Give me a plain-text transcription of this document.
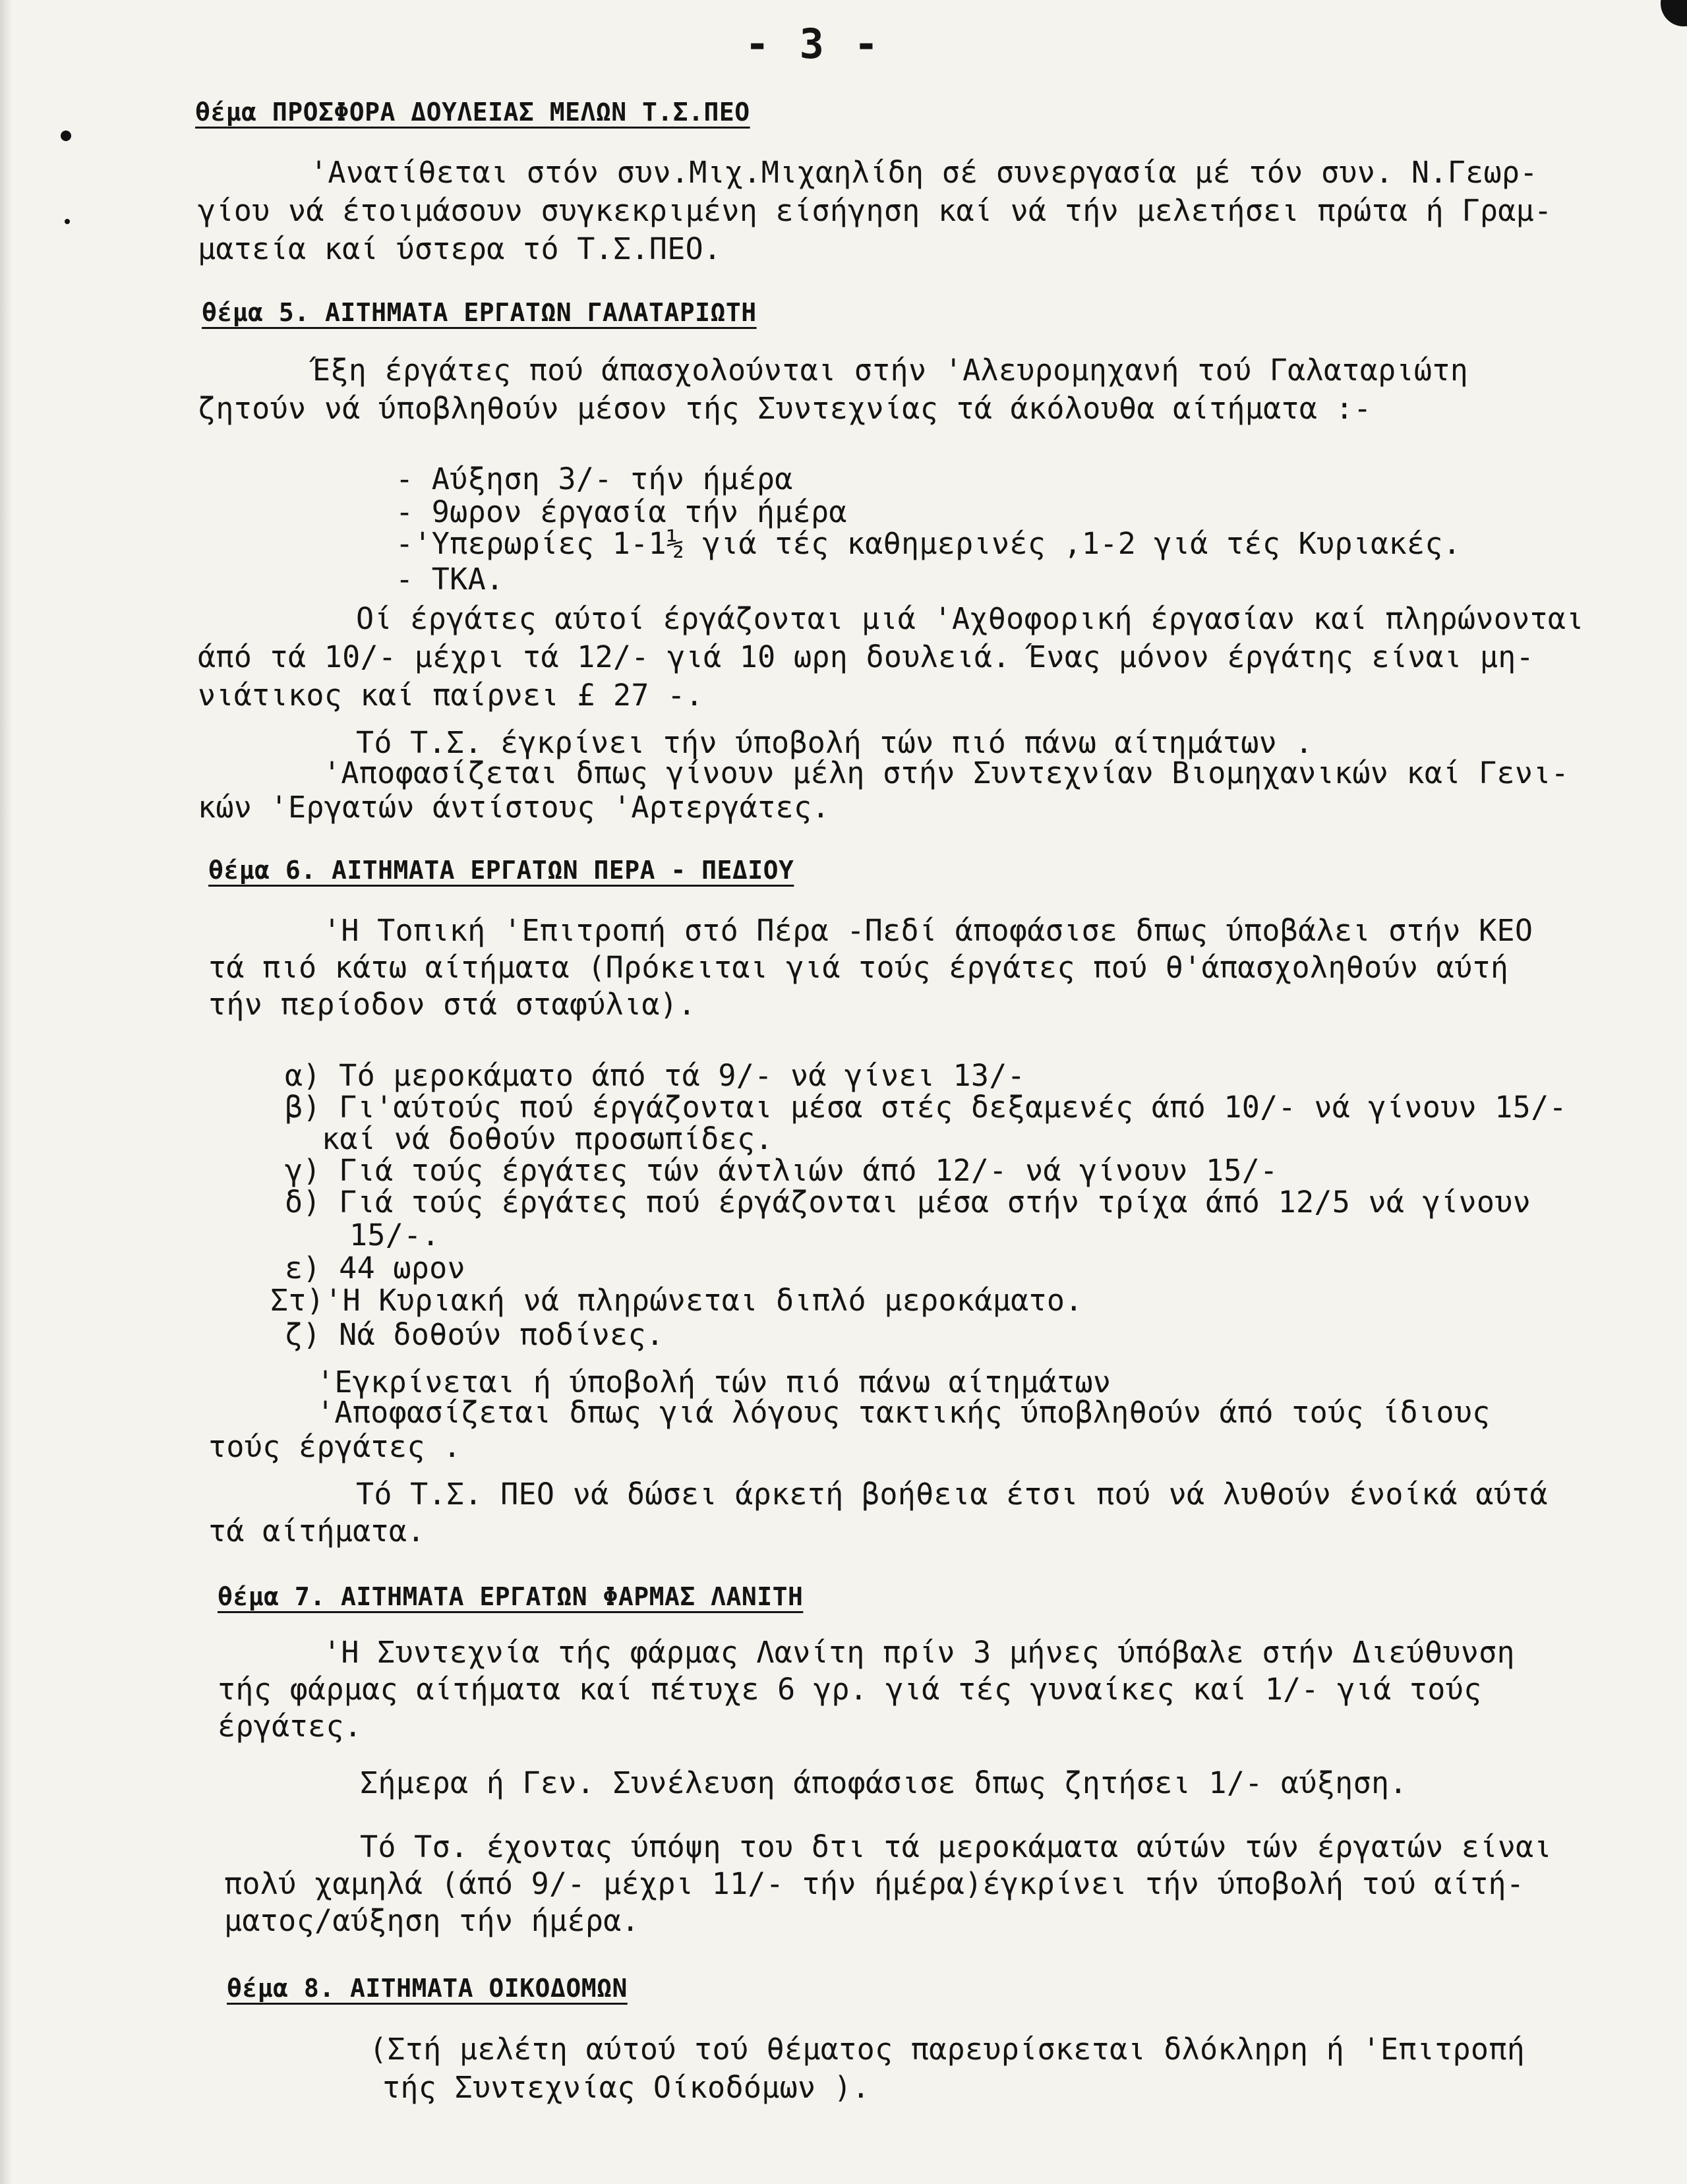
- 3 -
θέμα ΠΡΟΣΦΟΡΑ ΔΟΥΛΕΙΑΣ ΜΕΛΩΝ Τ.Σ.ΠΕΟ
'Ανατίθεται στόν συν.Μιχ.Μιχαηλίδη σέ συνεργασία μέ τόν συν. Ν.Γεωρ-
γίου νά έτοιμάσουν συγκεκριμένη είσήγηση καί νά τήν μελετήσει πρώτα ή Γραμ-
ματεία καί ύστερα τό Τ.Σ.ΠΕΟ.
θέμα 5. ΑΙΤΗΜΑΤΑ ΕΡΓΑΤΩΝ ΓΑΛΑΤΑΡΙΩΤΗ
Έξη έργάτες πού άπασχολούνται στήν 'Αλευρομηχανή τού Γαλαταριώτη
ζητούν νά ύποβληθούν μέσον τής Συντεχνίας τά άκόλουθα αίτήματα :-
- Αύξηση 3/- τήν ήμέρα
- 9ωρον έργασία τήν ήμέρα
-'Υπερωρίες 1-1½ γιά τές καθημερινές ,1-2 γιά τές Κυριακές.
- ΤΚΑ.
Οί έργάτες αύτοί έργάζονται μιά 'Αχθοφορική έργασίαν καί πληρώνονται
άπό τά 10/- μέχρι τά 12/- γιά 10 ωρη δουλειά. Ένας μόνον έργάτης είναι μη-
νιάτικος καί παίρνει £ 27 -.
Τό Τ.Σ. έγκρίνει τήν ύποβολή τών πιό πάνω αίτημάτων .
'Αποφασίζεται δπως γίνουν μέλη στήν Συντεχνίαν Βιομηχανικών καί Γενι-
κών 'Εργατών άντίστους 'Αρτεργάτες.
θέμα 6. ΑΙΤΗΜΑΤΑ ΕΡΓΑΤΩΝ ΠΕΡΑ - ΠΕΔΙΟΥ
'Η Τοπική 'Επιτροπή στό Πέρα -Πεδί άποφάσισε δπως ύποβάλει στήν ΚΕΟ
τά πιό κάτω αίτήματα (Πρόκειται γιά τούς έργάτες πού θ'άπασχοληθούν αύτή
τήν περίοδον στά σταφύλια).
α) Τό μεροκάματο άπό τά 9/- νά γίνει 13/-
β) Γι'αύτούς πού έργάζονται μέσα στές δεξαμενές άπό 10/- νά γίνουν 15/-
καί νά δοθούν προσωπίδες.
γ) Γιά τούς έργάτες τών άντλιών άπό 12/- νά γίνουν 15/-
δ) Γιά τούς έργάτες πού έργάζονται μέσα στήν τρίχα άπό 12/5 νά γίνουν
15/-.
ε) 44 ωρον
Στ)'Η Κυριακή νά πληρώνεται διπλό μεροκάματο.
ζ) Νά δοθούν ποδίνες.
'Εγκρίνεται ή ύποβολή τών πιό πάνω αίτημάτων
'Αποφασίζεται δπως γιά λόγους τακτικής ύποβληθούν άπό τούς ίδιους
τούς έργάτες .
Τό Τ.Σ. ΠΕΟ νά δώσει άρκετή βοήθεια έτσι πού νά λυθούν ένοίκά αύτά
τά αίτήματα.
θέμα 7. ΑΙΤΗΜΑΤΑ ΕΡΓΑΤΩΝ ΦΑΡΜΑΣ ΛΑΝΙΤΗ
'Η Συντεχνία τής φάρμας Λανίτη πρίν 3 μήνες ύπόβαλε στήν Διεύθυνση
τής φάρμας αίτήματα καί πέτυχε 6 γρ. γιά τές γυναίκες καί 1/- γιά τούς
έργάτες.
Σήμερα ή Γεν. Συνέλευση άποφάσισε δπως ζητήσει 1/- αύξηση.
Τό Τσ. έχοντας ύπόψη του δτι τά μεροκάματα αύτών τών έργατών είναι
πολύ χαμηλά (άπό 9/- μέχρι 11/- τήν ήμέρα)έγκρίνει τήν ύποβολή τού αίτή-
ματος/αύξηση τήν ήμέρα.
θέμα 8. ΑΙΤΗΜΑΤΑ ΟΙΚΟΔΟΜΩΝ
(Στή μελέτη αύτού τού θέματος παρευρίσκεται δλόκληρη ή 'Επιτροπή
τής Συντεχνίας Οίκοδόμων ).
